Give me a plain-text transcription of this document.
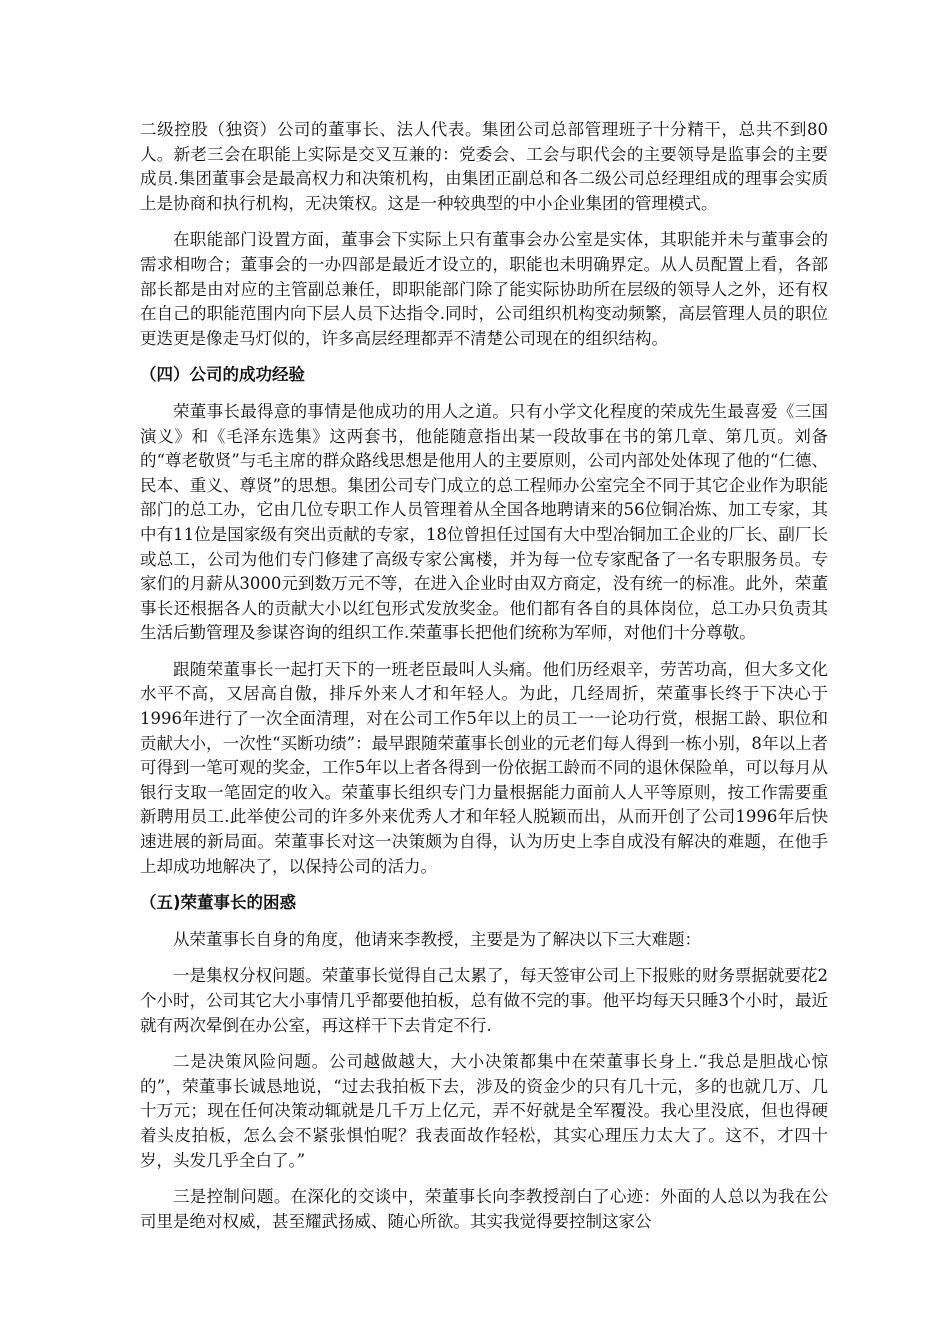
二级控股（独资）公司的董事长、法人代表。集团公司总部管理班子十分精干，总共不到80人。新老三会在职能上实际是交叉互兼的：党委会、工会与职代会的主要领导是监事会的主要成员.集团董事会是最高权力和决策机构，由集团正副总和各二级公司总经理组成的理事会实质上是协商和执行机构，无决策权。这是一种较典型的中小企业集团的管理模式。

在职能部门设置方面，董事会下实际上只有董事会办公室是实体，其职能并未与董事会的需求相吻合；董事会的一办四部是最近才设立的，职能也未明确界定。从人员配置上看，各部部长都是由对应的主管副总兼任，即职能部门除了能实际协助所在层级的领导人之外，还有权在自己的职能范围内向下层人员下达指令.同时，公司组织机构变动频繁，高层管理人员的职位更迭更是像走马灯似的，许多高层经理都弄不清楚公司现在的组织结构。

（四）公司的成功经验

荣董事长最得意的事情是他成功的用人之道。只有小学文化程度的荣成先生最喜爱《三国演义》和《毛泽东选集》这两套书，他能随意指出某一段故事在书的第几章、第几页。刘备的“尊老敬贤”与毛主席的群众路线思想是他用人的主要原则，公司内部处处体现了他的“仁德、民本、重义、尊贤”的思想。集团公司专门成立的总工程师办公室完全不同于其它企业作为职能部门的总工办，它由几位专职工作人员管理着从全国各地聘请来的56位铜冶炼、加工专家，其中有11位是国家级有突出贡献的专家，18位曾担任过国有大中型冶铜加工企业的厂长、副厂长或总工，公司为他们专门修建了高级专家公寓楼，并为每一位专家配备了一名专职服务员。专家们的月薪从3000元到数万元不等，在进入企业时由双方商定，没有统一的标准。此外，荣董事长还根据各人的贡献大小以红包形式发放奖金。他们都有各自的具体岗位，总工办只负责其生活后勤管理及参谋咨询的组织工作.荣董事长把他们统称为军师，对他们十分尊敬。

跟随荣董事长一起打天下的一班老臣最叫人头痛。他们历经艰辛，劳苦功高，但大多文化水平不高，又居高自傲，排斥外来人才和年轻人。为此，几经周折，荣董事长终于下决心于1996年进行了一次全面清理，对在公司工作5年以上的员工一一论功行赏，根据工龄、职位和贡献大小，一次性“买断功绩”：最早跟随荣董事长创业的元老们每人得到一栋小别，8年以上者可得到一笔可观的奖金，工作5年以上者各得到一份依据工龄而不同的退休保险单，可以每月从银行支取一笔固定的收入。荣董事长组织专门力量根据能力面前人人平等原则，按工作需要重新聘用员工.此举使公司的许多外来优秀人才和年轻人脱颖而出，从而开创了公司1996年后快速进展的新局面。荣董事长对这一决策颇为自得，认为历史上李自成没有解决的难题，在他手上却成功地解决了，以保持公司的活力。

（五)荣董事长的困惑

从荣董事长自身的角度，他请来李教授，主要是为了解决以下三大难题：

一是集权分权问题。荣董事长觉得自己太累了，每天签审公司上下报账的财务票据就要花2个小时，公司其它大小事情几乎都要他拍板，总有做不完的事。他平均每天只睡3个小时，最近就有两次晕倒在办公室，再这样干下去肯定不行.

二是决策风险问题。公司越做越大，大小决策都集中在荣董事长身上.“我总是胆战心惊的”，荣董事长诚恳地说，“过去我拍板下去，涉及的资金少的只有几十元，多的也就几万、几十万元；现在任何决策动辄就是几千万上亿元，弄不好就是全军覆没。我心里没底，但也得硬着头皮拍板，怎么会不紧张惧怕呢？我表面故作轻松，其实心理压力太大了。这不，才四十岁，头发几乎全白了。”

三是控制问题。在深化的交谈中，荣董事长向李教授剖白了心迹：外面的人总以为我在公司里是绝对权威，甚至耀武扬威、随心所欲。其实我觉得要控制这家公
